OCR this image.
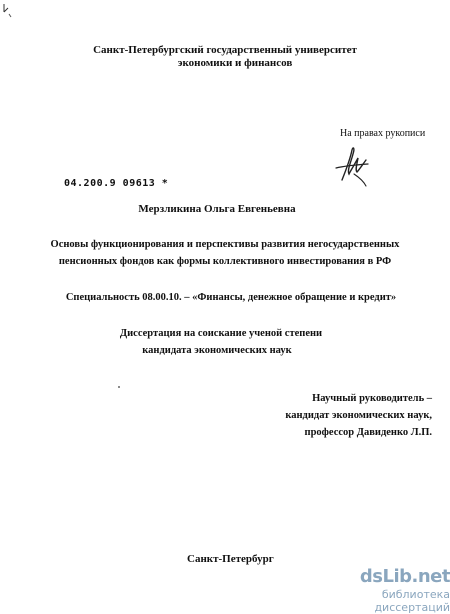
Санкт-Петербургский государственный университет
экономики и финансов
На правах рукописи
04.200.9 09613 *
Мерзликина Ольга Евгеньевна
Основы функционирования и перспективы развития негосударственных
пенсионных фондов как формы коллективного инвестирования в РФ
Специальность 08.00.10. – «Финансы, денежное обращение и кредит»
Диссертация на соискание ученой степени
кандидата экономических наук
Научный руководитель –
кандидат экономических наук,
профессор Давиденко Л.П.
Санкт-Петербург
dsLib.net
библиотека диссертаций
